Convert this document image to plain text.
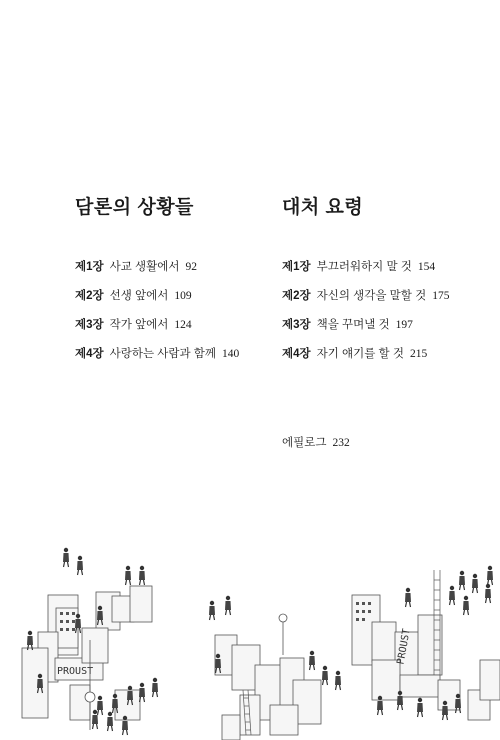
담론의 상황들
제1장 사교 생활에서 92
제2장 선생 앞에서 109
제3장 작가 앞에서 124
제4장 사랑하는 사람과 함께 140
대처 요령
제1장 부끄러워하지 말 것 154
제2장 자신의 생각을 말할 것 175
제3장 책을 꾸며낼 것 197
제4장 자기 얘기를 할 것 215
에필로그 232
PROUST
PROUST
